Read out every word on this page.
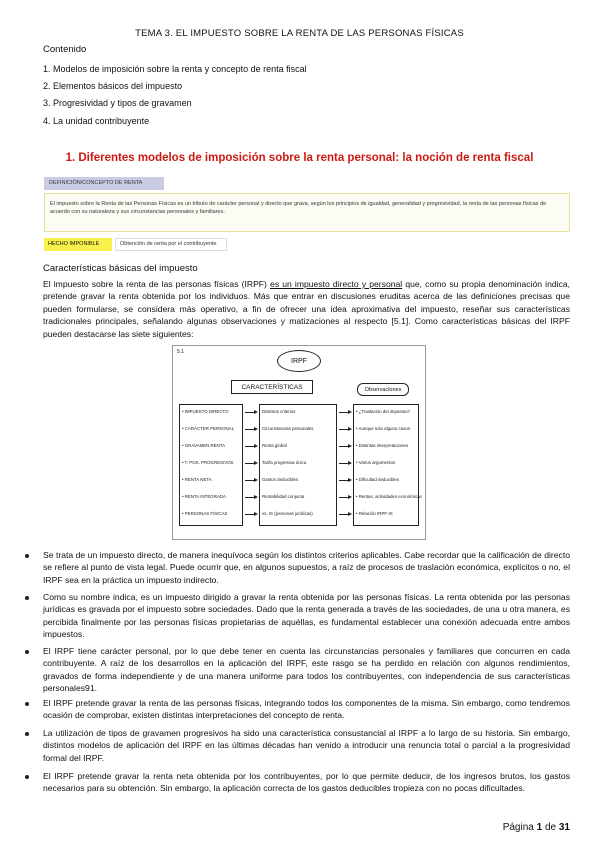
TEMA 3. EL IMPUESTO SOBRE LA RENTA DE LAS PERSONAS FÍSICAS
Contenido
1. Modelos de imposición sobre la renta y concepto de renta fiscal
2. Elementos básicos del impuesto
3. Progresividad y tipos de gravamen
4. La unidad contribuyente
1. Diferentes modelos de imposición sobre la renta personal: la noción de renta fiscal
DEFINICIÓN/CONCEPTO DE RENTA
El impuesto sobre la Renta de las Personas Físicas es un tributo de carácter personal y directo que grava, según los principios de igualdad, generalidad y progresividad, la renta de las personas físicas de acuerdo con su naturaleza y sus circunstancias personales y familiares.
HECHO IMPONIBLE	Obtención de renta por el contribuyente
Características básicas del impuesto
El impuesto sobre la renta de las personas físicas (IRPF) es un impuesto directo y personal que, como su propia denominación indica, pretende gravar la renta obtenida por los individuos. Más que entrar en discusiones eruditas acerca de las definiciones precisas que pueden formularse, se considera más operativo, a fin de ofrecer una idea aproximativa del impuesto, reseñar sus características tradicionales principales, señalando algunas observaciones y matizaciones al respecto [5.1]. Como características básicas del IRPF pueden destacarse las siete siguientes:
5.1
IRPF
CARACTERÍSTICAS	Observaciones
• IMPUESTO DIRECTO	Distintos criterios	• ¿Traslación del impuesto?
• CARÁCTER PERSONAL	Circunstancias personales	• Aunque solo alguno casos
• GRAVAMEN RENTA	Renta global	• Distintas interpretaciones
• T. POS. PROGRESIVOS	Tarifa progresiva única	• Varios argumentos
• RENTA NETA	Gastos deducibles	• Dificultad deducibles
• RENTA INTEGRADA	Rentabilidad conjunta	• Rentas, actividades económicas
• PERSONAS FÍSICAS	vs. IS (personas jurídicas)	• Relación IRPF-IS
Se trata de un impuesto directo, de manera inequívoca según los distintos criterios aplicables. Cabe recordar que la calificación de directo se refiere al punto de vista legal. Puede ocurrir que, en algunos supuestos, a raíz de procesos de traslación económica, explícitos o no, el IRPF sea en la práctica un impuesto indirecto.
Como su nombre indica, es un impuesto dirigido a gravar la renta obtenida por las personas físicas. La renta obtenida por las personas jurídicas es gravada por el impuesto sobre sociedades. Dado que la renta generada a través de las sociedades, de una u otra manera, es percibida finalmente por las personas físicas propietarias de aquéllas, es fundamental establecer una conexión adecuada entre ambos impuestos.
El IRPF tiene carácter personal, por lo que debe tener en cuenta las circunstancias personales y familiares que concurren en cada contribuyente. A raíz de los desarrollos en la aplicación del IRPF, este rasgo se ha perdido en relación con algunos rendimientos, gravados de forma independiente y de una manera uniforme para todos los contribuyentes, con independencia de sus características personales91.
El IRPF pretende gravar la renta de las personas físicas, integrando todos los componentes de la misma. Sin embargo, como tendremos ocasión de comprobar, existen distintas interpretaciones del concepto de renta.
La utilización de tipos de gravamen progresivos ha sido una característica consustancial al IRPF a lo largo de su historia. Sin embargo, distintos modelos de aplicación del IRPF en las últimas décadas han venido a introducir una renuncia total o parcial a la progresividad formal del IRPF.
El IRPF pretende gravar la renta neta obtenida por los contribuyentes, por lo que permite deducir, de los ingresos brutos, los gastos necesarios para su obtención. Sin embargo, la aplicación correcta de los gastos deducibles tropieza con no pocas dificultades.
Página 1 de 31
